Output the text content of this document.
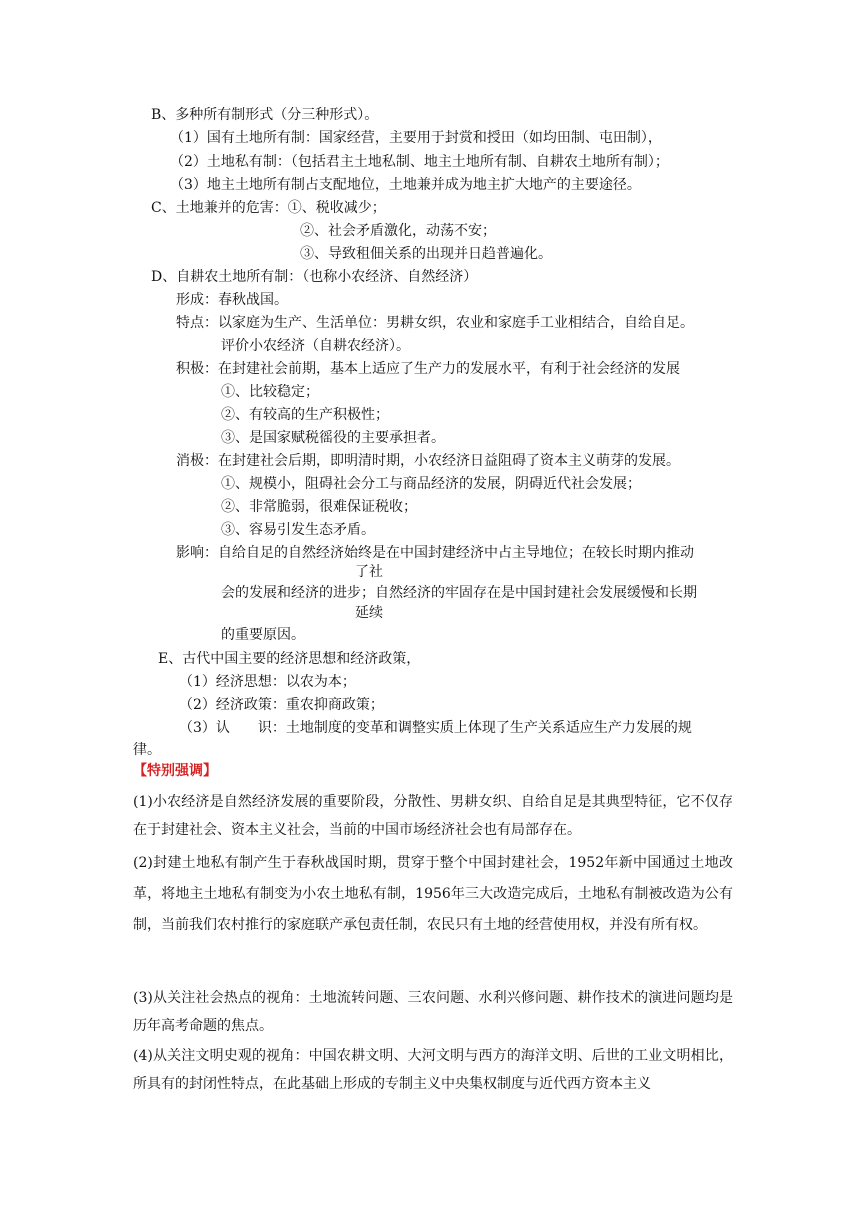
B、多种所有制形式（分三种形式）。
（1）国有土地所有制：国家经营，主要用于封赏和授田（如均田制、屯田制），
（2）土地私有制：（包括君主土地私制、地主土地所有制、自耕农土地所有制）；
（3）地主土地所有制占支配地位，土地兼并成为地主扩大地产的主要途径。
C、土地兼并的危害：①、税收减少；
②、社会矛盾激化，动荡不安；
③、导致租佃关系的出现并日趋普遍化。
D、自耕农土地所有制：（也称小农经济、自然经济）
形成：春秋战国。
特点：以家庭为生产、生活单位：男耕女织，农业和家庭手工业相结合，自给自足。
评价小农经济（自耕农经济）。
积极：在封建社会前期，基本上适应了生产力的发展水平，有利于社会经济的发展
①、比较稳定；
②、有较高的生产积极性；
③、是国家赋税徭役的主要承担者。
消极：在封建社会后期，即明清时期，小农经济日益阻碍了资本主义萌芽的发展。
①、规模小，阻碍社会分工与商品经济的发展，阴碍近代社会发展；
②、非常脆弱，很难保证税收；
③、容易引发生态矛盾。
影响：自给自足的自然经济始终是在中国封建经济中占主导地位；在较长时期内推动
了社
会的发展和经济的进步；自然经济的牢固存在是中国封建社会发展缓慢和长期
延续
的重要原因。
E、古代中国主要的经济思想和经济政策，
（1）经济思想：以农为本；
（2）经济政策：重农抑商政策；
（3）认　　识：土地制度的变革和调整实质上体现了生产关系适应生产力发展的规
律。
【特别强调】
(1)小农经济是自然经济发展的重要阶段，分散性、男耕女织、自给自足是其典型特征，它不仅存在于封建社会、资本主义社会，当前的中国市场经济社会也有局部存在。
(2)封建土地私有制产生于春秋战国时期，贯穿于整个中国封建社会，1952年新中国通过土地改革，将地主土地私有制变为小农土地私有制，1956年三大改造完成后，土地私有制被改造为公有制，当前我们农村推行的家庭联产承包责任制，农民只有土地的经营使用权，并没有所有权。
(3)从关注社会热点的视角：土地流转问题、三农问题、水利兴修问题、耕作技术的演进问题均是历年高考命题的焦点。
(4)从关注文明史观的视角：中国农耕文明、大河文明与西方的海洋文明、后世的工业文明相比，所具有的封闭性特点，在此基础上形成的专制主义中央集权制度与近代西方资本主义
